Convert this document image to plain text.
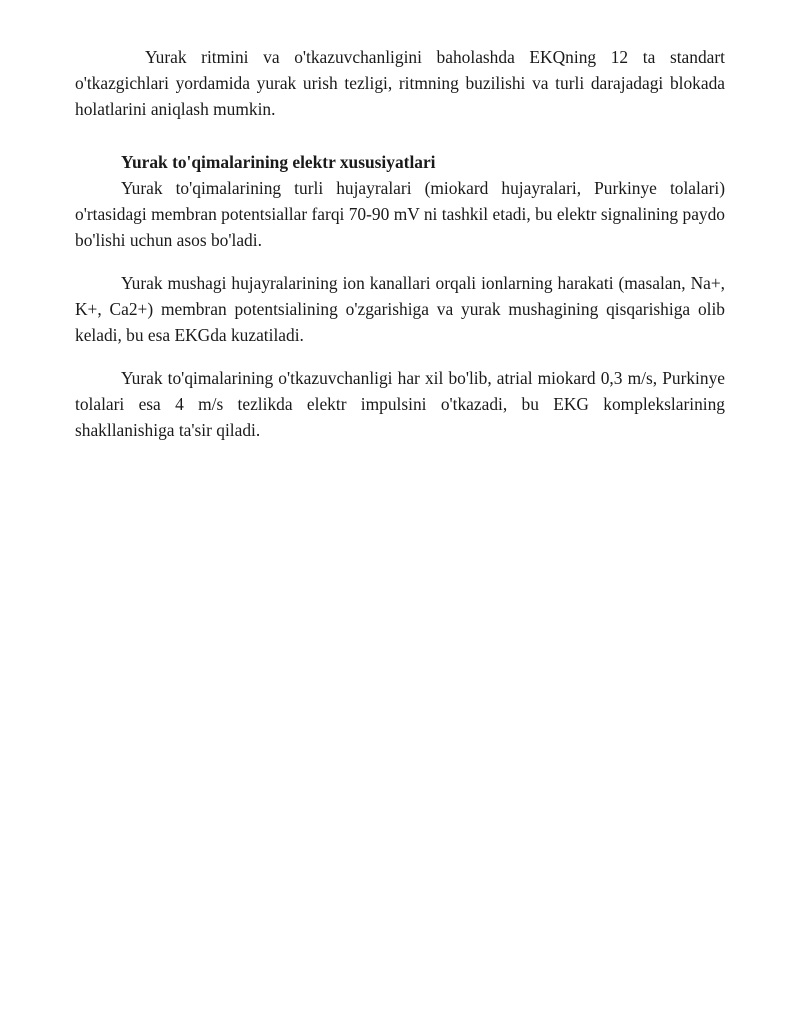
Yurak ritmini va o'tkazuvchanligini baholashda EKQning 12 ta standart o'tkazgichlari yordamida yurak urish tezligi, ritmning buzilishi va turli darajadagi blokada holatlarini aniqlash mumkin.

Yurak to'qimalarining elektr xususiyatlari

Yurak to'qimalarining turli hujayralari (miokard hujayralari, Purkinye tolalari) o'rtasidagi membran potentsiallar farqi 70-90 mV ni tashkil etadi, bu elektr signalining paydo bo'lishi uchun asos bo'ladi.

Yurak mushagi hujayralarining ion kanallari orqali ionlarning harakati (masalan, Na+, K+, Ca2+) membran potentsialining o'zgarishiga va yurak mushagining qisqarishiga olib keladi, bu esa EKGda kuzatiladi.

Yurak to'qimalarining o'tkazuvchanligi har xil bo'lib, atrial miokard 0,3 m/s, Purkinye tolalari esa 4 m/s tezlikda elektr impulsini o'tkazadi, bu EKG komplekslarining shakllanishiga ta'sir qiladi.
